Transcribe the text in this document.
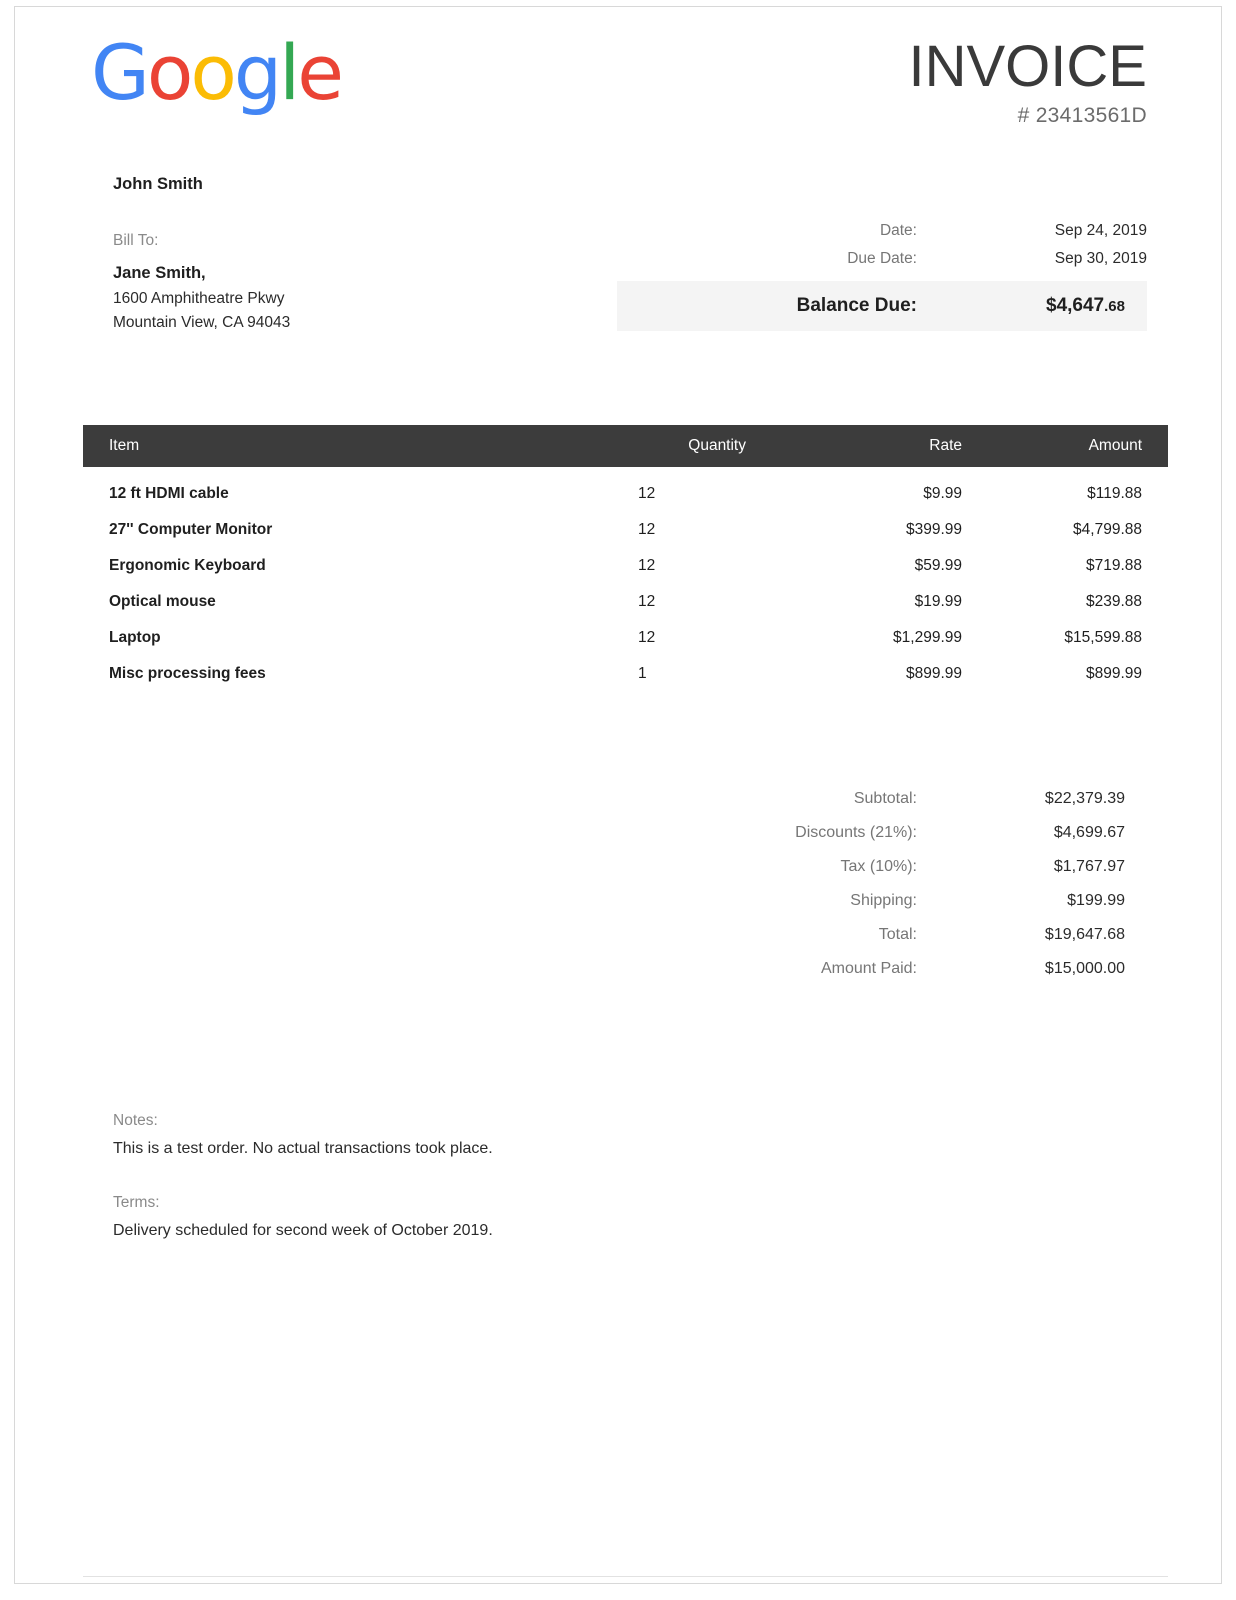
Google	INVOICE
# 23413561D
John Smith
Bill To:
Jane Smith,
1600 Amphitheatre Pkwy
Mountain View, CA 94043
Date:	Sep 24, 2019
Due Date:	Sep 30, 2019
Balance Due:	$4,647.68
Item	Quantity	Rate	Amount
12 ft HDMI cable	12	$9.99	$119.88
27'' Computer Monitor	12	$399.99	$4,799.88
Ergonomic Keyboard	12	$59.99	$719.88
Optical mouse	12	$19.99	$239.88
Laptop	12	$1,299.99	$15,599.88
Misc processing fees	1	$899.99	$899.99
Subtotal:	$22,379.39
Discounts (21%):	$4,699.67
Tax (10%):	$1,767.97
Shipping:	$199.99
Total:	$19,647.68
Amount Paid:	$15,000.00
Notes:
This is a test order. No actual transactions took place.
Terms:
Delivery scheduled for second week of October 2019.
